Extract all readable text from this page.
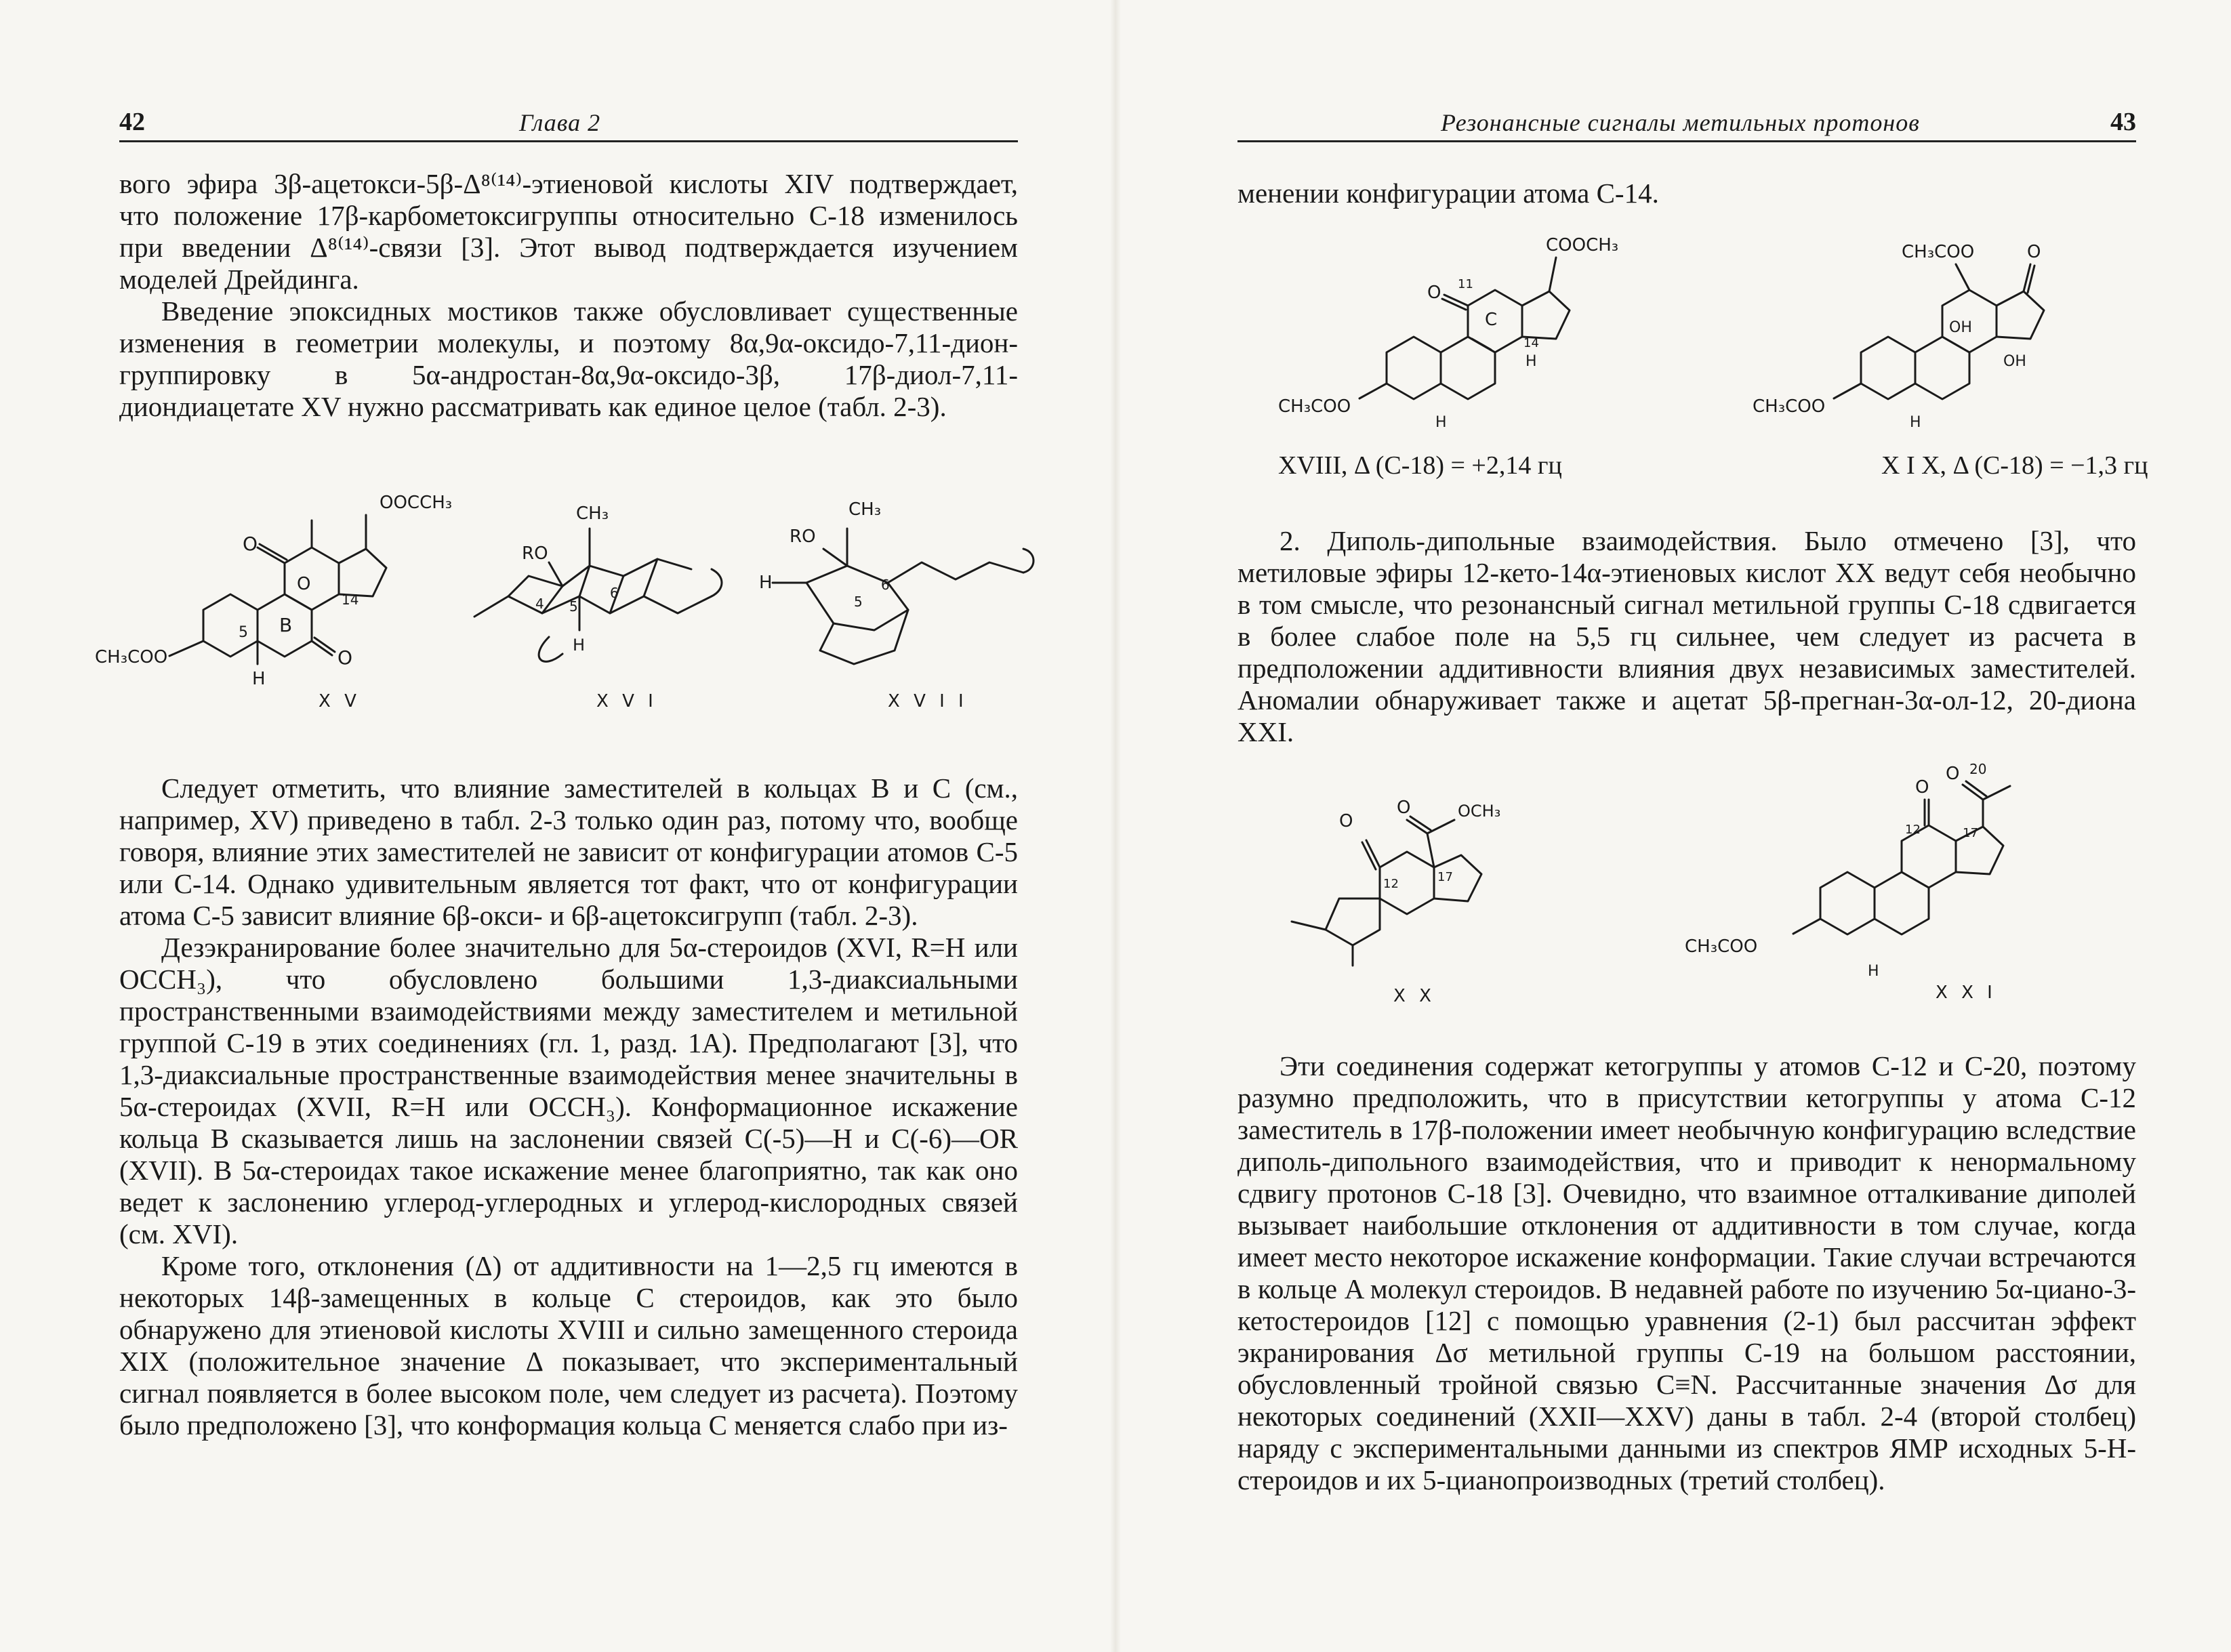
42	Глава 2

вого эфира 3β-ацетокси-5β-Δ⁸⁽¹⁴⁾-этиеновой кислоты XIV подтверждает, что положение 17β-карбометоксигруппы относительно С-18 изменилось при введении Δ⁸⁽¹⁴⁾-связи [3]. Этот вывод подтверждается изучением моделей Дрейдинга.

Введение эпоксидных мостиков также обусловливает существенные изменения в геометрии молекулы, и поэтому 8α,9α-оксидо-7,11-дион-группировку в 5α-андростан-8α,9α-оксидо-3β, 17β-диол-7,11-диондиацетате XV нужно рассматривать как единое целое (табл. 2-3).

OOCCH₃
O
O
O
CH₃COO
H
5 B
14
X V
CH₃
RO
4 5
6
H
X V I
CH₃
RO
H
5
6
X V I I

Следует отметить, что влияние заместителей в кольцах B и C (см., например, XV) приведено в табл. 2-3 только один раз, потому что, вообще говоря, влияние этих заместителей не зависит от конфигурации атомов С-5 или С-14. Однако удивительным является тот факт, что от конфигурации атома С-5 зависит влияние 6β-окси- и 6β-ацетоксигрупп (табл. 2-3).

Дезэкранирование более значительно для 5α-стероидов (XVI, R=H или OCCH₃), что обусловлено большими 1,3-диаксиальными пространственными взаимодействиями между заместителем и метильной группой С-19 в этих соединениях (гл. 1, разд. 1А). Предполагают [3], что 1,3-диаксиальные пространственные взаимодействия менее значительны в 5α-стероидах (XVII, R=H или OCCH₃). Конформационное искажение кольца B сказывается лишь на заслонении связей C(-5)—H и C(-6)—OR (XVII). В 5α-стероидах такое искажение менее благоприятно, так как оно ведет к заслонению углерод-углеродных и углерод-кислородных связей (см. XVI).

Кроме того, отклонения (Δ) от аддитивности на 1—2,5 гц имеются в некоторых 14β-замещенных в кольце C стероидов, как это было обнаружено для этиеновой кислоты XVIII и сильно замещенного стероида XIX (положительное значение Δ показывает, что экспериментальный сигнал появляется в более высоком поле, чем следует из расчета). Поэтому было предположено [3], что конформация кольца C меняется слабо при из-

Резонансные сигналы метильных протонов	43

менении конфигурации атома С-14.

COOCH₃
O 11
C
14
H
CH₃COO
H
XVIII, Δ (C-18) = +2,14 гц
CH₃COO	O
OH
OH
CH₃COO
H
X I X, Δ (C-18) = −1,3 гц

2. Диполь-дипольные взаимодействия. Было отмечено [3], что метиловые эфиры 12-кето-14α-этиеновых кислот XX ведут себя необычно в том смысле, что резонансный сигнал метильной группы С-18 сдвигается в более слабое поле на 5,5 гц сильнее, чем следует из расчета в предположении аддитивности влияния двух независимых заместителей. Аномалии обнаруживает также и ацетат 5β-прегнан-3α-ол-12, 20-диона XXI.

O
O	OCH₃
12	17
X X
O
O 20
12	17
CH₃COO
H
X X I

Эти соединения содержат кетогруппы у атомов С-12 и С-20, поэтому разумно предположить, что в присутствии кетогруппы у атома С-12 заместитель в 17β-положении имеет необычную конфигурацию вследствие диполь-дипольного взаимодействия, что и приводит к ненормальному сдвигу протонов С-18 [3]. Очевидно, что взаимное отталкивание диполей вызывает наибольшие отклонения от аддитивности в том случае, когда имеет место некоторое искажение конформации. Такие случаи встречаются в кольце A молекул стероидов. В недавней работе по изучению 5α-циано-3-кетостероидов [12] с помощью уравнения (2-1) был рассчитан эффект экранирования Δσ метильной группы С-19 на большом расстоянии, обусловленный тройной связью C≡N. Рассчитанные значения Δσ для некоторых соединений (XXII—XXV) даны в табл. 2-4 (второй столбец) наряду с экспериментальными данными из спектров ЯМР исходных 5-H-стероидов и их 5-цианопроизводных (третий столбец).
